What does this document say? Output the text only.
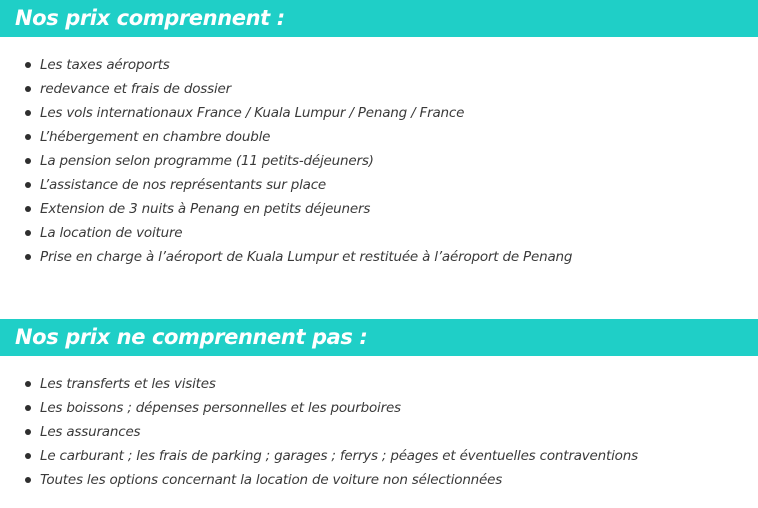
Nos prix comprennent :
Les taxes aéroports
redevance et frais de dossier
Les vols internationaux France / Kuala Lumpur / Penang / France
L’hébergement en chambre double
La pension selon programme (11 petits-déjeuners)
L’assistance de nos représentants sur place
Extension de 3 nuits à Penang en petits déjeuners
La location de voiture
Prise en charge à l’aéroport de Kuala Lumpur et restituée à l’aéroport de Penang
Nos prix ne comprennent pas :
Les transferts et les visites
Les boissons ; dépenses personnelles et les pourboires
Les assurances
Le carburant ; les frais de parking ; garages ; ferrys ; péages et éventuelles contraventions
Toutes les options concernant la location de voiture non sélectionnées
